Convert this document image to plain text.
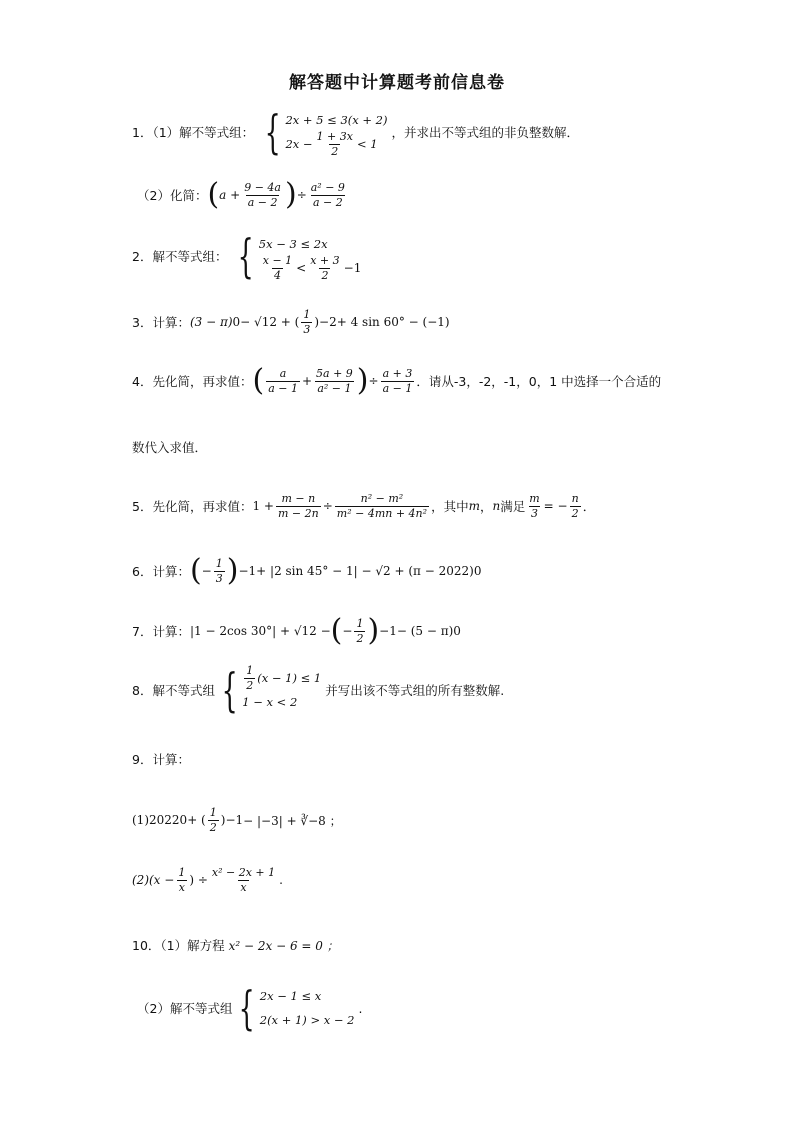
解答题中计算题考前信息卷
1．（1）解不等式组： { 2x + 5 ≤ 3(x + 2)
$2x - \frac{1 + 3x}{2} < 1$
，并求出不等式组的非负整数解．
（2）化简： ( $a + \frac{9 - 4a}{a - 2}$ ) ÷ $\frac{\text{a² − 9}}{a - 2}$
2．解不等式组： { 5x − 3 ≤ 2x
$\frac{x - 1}{4} < \frac{x + 3}{2} -1$
3．计算： (3 − π) 0 − √12 + ( $\frac{1}{3}$ ) −2 + 4 sin 60° − (−1)
4．先化简，再求值： ( $\frac{a}{a - 1} + \frac{5a + 9}{\text{a² − 1}}$ ) ÷ $\frac{a + 3}{a - 1}$ ．请从-3，-2，-1，0，1 中选择一个合适的
数代入求值．
5．先化简，再求值： $1 + \frac{m - n}{m - 2n} \div \frac{\text{n² − m²}}{\text{m² − 4mn + 4n²}}$ ，其中 m ， n 满足 $\frac{m}{3}$ = − $\frac{n}{2}$ ．
6．计算： ( − $\frac{1}{3}$ ) −1 + |2 sin 45° − 1| − √2 + (π − 2022) 0
7．计算： |1 − 2cos 30°| + √12 − ( − $\frac{1}{2}$ ) −1 − (5 − π) 0
8．解不等式组 { $\frac{1}{2} (x - 1) \le 1$
1 − x < 2
并写出该不等式组的所有整数解.
9．计算：
(1)2022 0 + ( $\frac{1}{2}$ ) −1 − |−3| + ∛−8 ；
$(2)(x - \frac{1}{x}$ ) ÷ $\frac{\text{x² − 2x + 1}}{x}$ .
10．（1）解方程 x² − 2x − 6 = 0 ；
（2）解不等式组 { 2x − 1 ≤ x
2(x + 1) > x − 2
.
